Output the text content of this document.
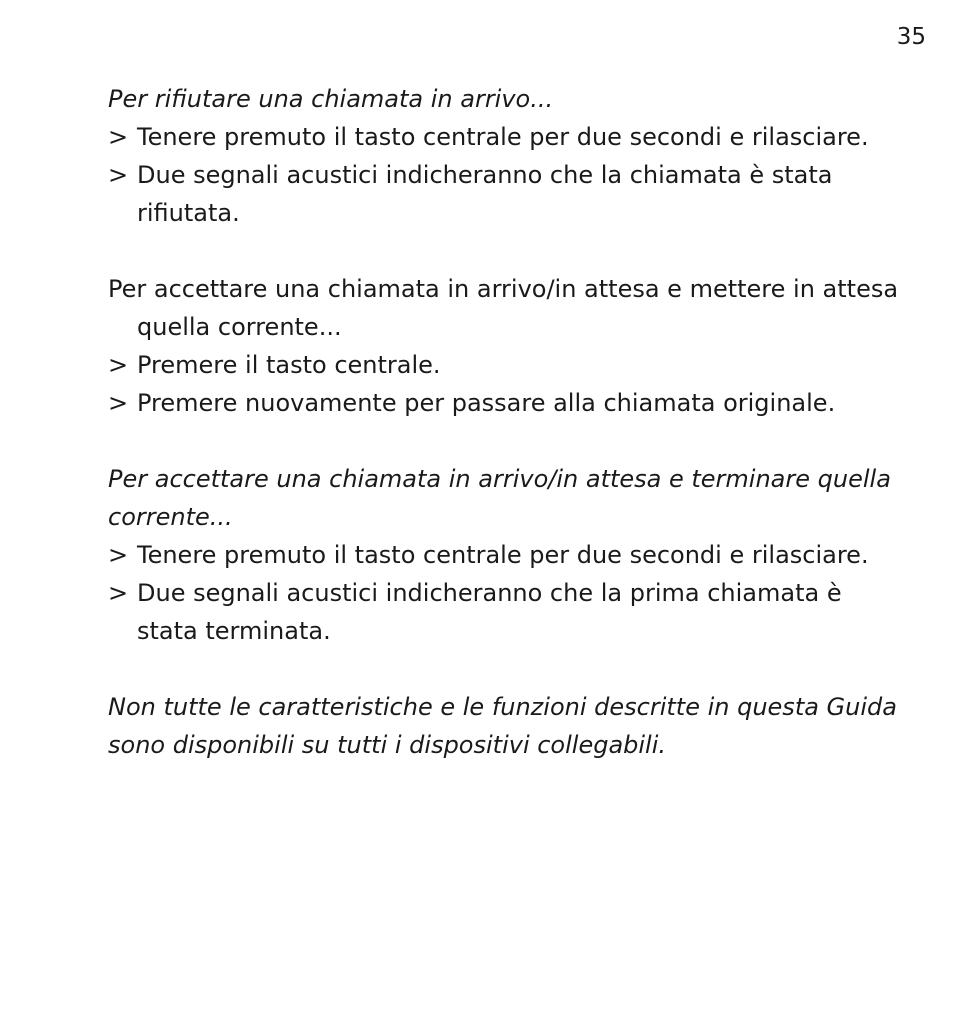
35

Per rifiutare una chiamata in arrivo...

> Tenere premuto il tasto centrale per due secondi e rilasciare.
> Due segnali acustici indicheranno che la chiamata è stata rifiutata.

Per accettare una chiamata in arrivo/in attesa e mettere in attesa quella corrente...

> Premere il tasto centrale.
> Premere nuovamente per passare alla chiamata originale.

Per accettare una chiamata in arrivo/in attesa e terminare quella corrente...

> Tenere premuto il tasto centrale per due secondi e rilasciare.
> Due segnali acustici indicheranno che la prima chiamata è stata terminata.

Non tutte le caratteristiche e le funzioni descritte in questa Guida sono disponibili su tutti i dispositivi collegabili.
